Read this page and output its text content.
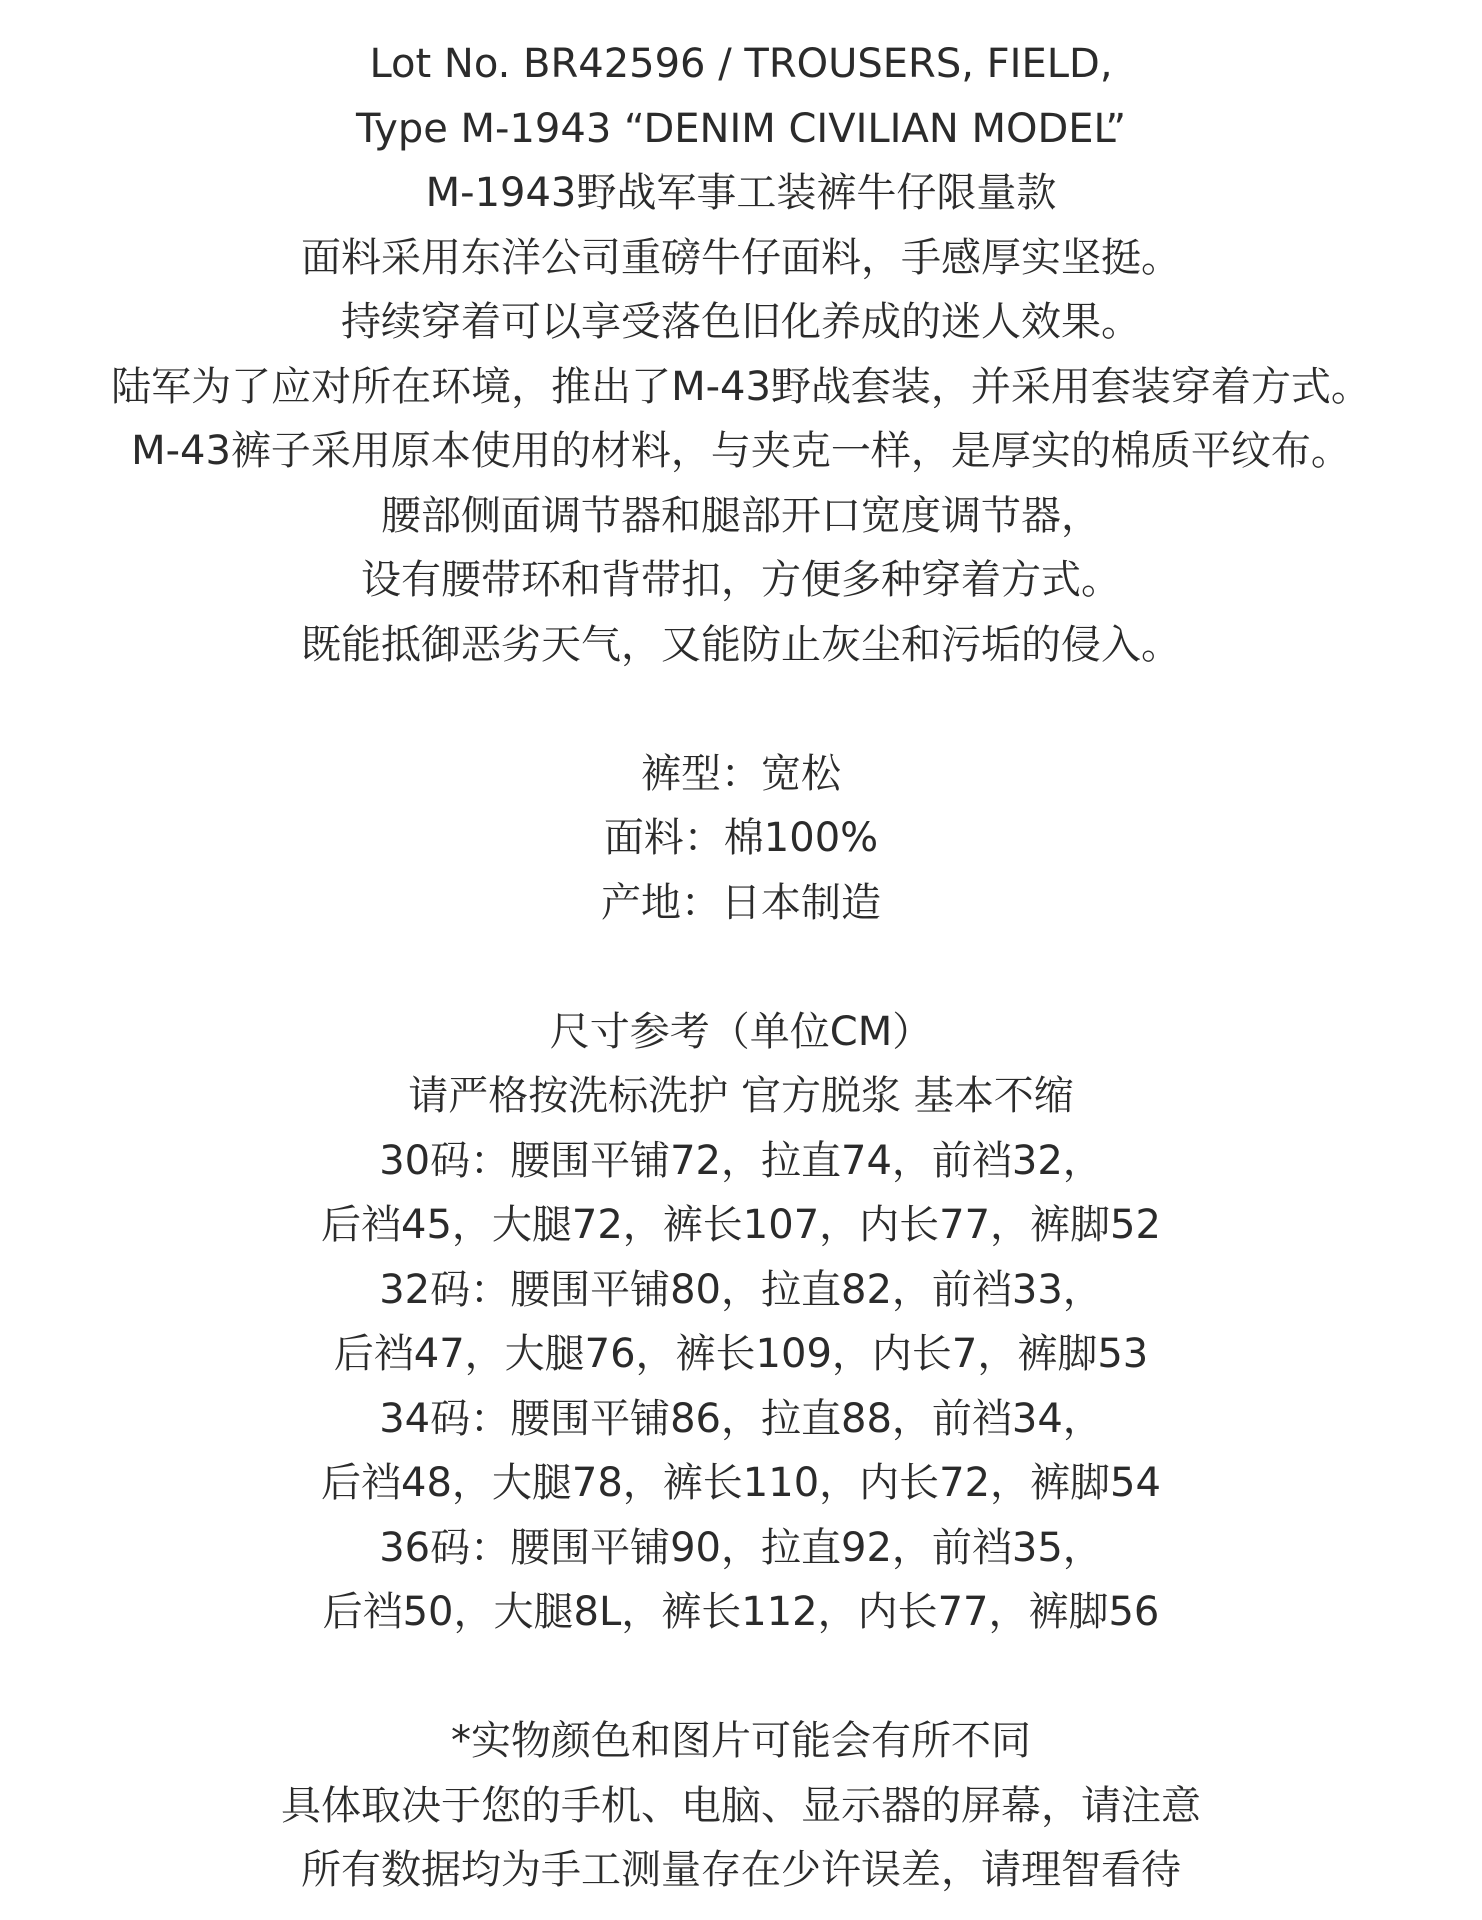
Lot No. BR42596 / TROUSERS, FIELD,
Type M-1943 “DENIM CIVILIAN MODEL”
M-1943野战军事工装裤牛仔限量款
面料采用东洋公司重磅牛仔面料，手感厚实坚挺。
持续穿着可以享受落色旧化养成的迷人效果。
陆军为了应对所在环境，推出了M-43野战套装，并采用套装穿着方式。
M-43裤子采用原本使用的材料，与夹克一样，是厚实的棉质平纹布。
腰部侧面调节器和腿部开口宽度调节器，
设有腰带环和背带扣，方便多种穿着方式。
既能抵御恶劣天气，又能防止灰尘和污垢的侵入。
裤型：宽松
面料：棉100%
产地：日本制造
尺寸参考（单位CM）
请严格按洗标洗护 官方脱浆 基本不缩
30码：腰围平铺72，拉直74，前裆32，
后裆45，大腿72，裤长107，内长77，裤脚52
32码：腰围平铺80，拉直82，前裆33，
后裆47，大腿76，裤长109，内长7，裤脚53
34码：腰围平铺86，拉直88，前裆34，
后裆48，大腿78，裤长110，内长72，裤脚54
36码：腰围平铺90，拉直92，前裆35，
后裆50，大腿8L，裤长112，内长77，裤脚56
*实物颜色和图片可能会有所不同
具体取决于您的手机、电脑、显示器的屏幕，请注意
所有数据均为手工测量存在少许误差，请理智看待
